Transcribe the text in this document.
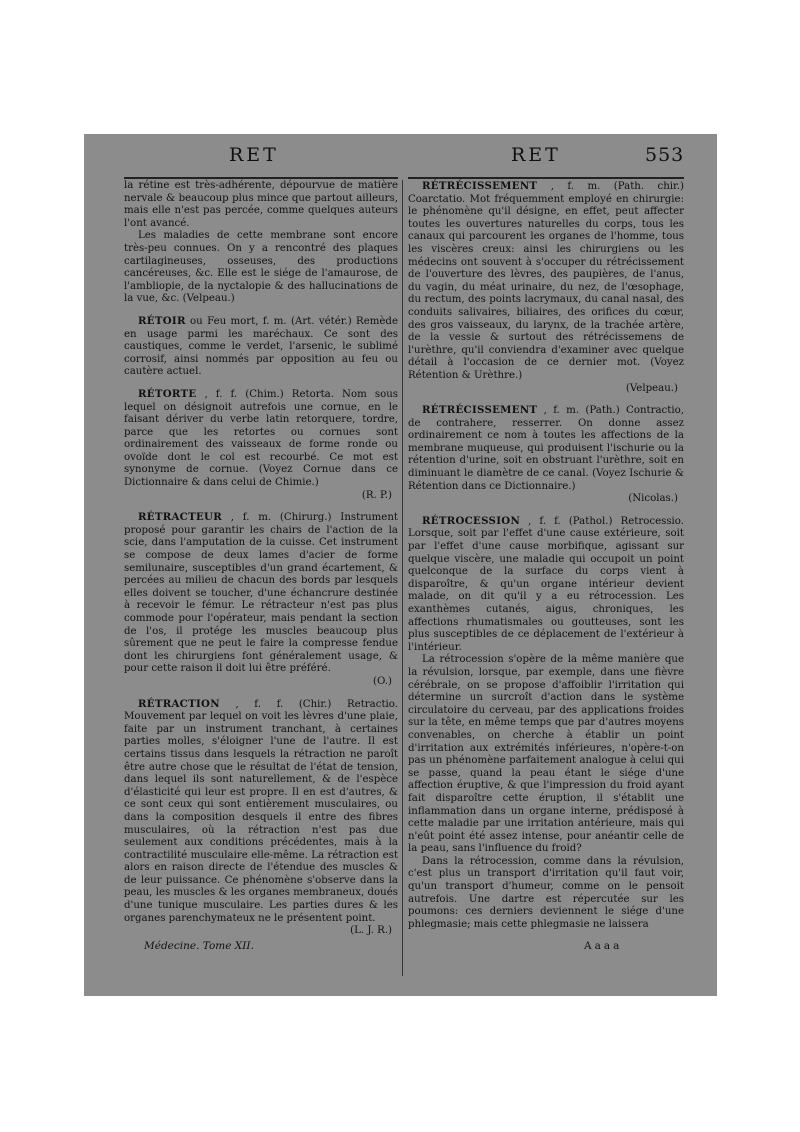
RET	RET	553

la rétine est très-adhérente, dépourvue de matière nervale & beaucoup plus mince que partout ailleurs, mais elle n'est pas percée, comme quelques auteurs l'ont avancé.

Les maladies de cette membrane sont encore très-peu connues. On y a rencontré des plaques cartilagineuses, osseuses, des productions cancéreuses, &c. Elle est le siége de l'amaurose, de l'ambliopie, de la nyctalopie & des hallucinations de la vue, &c. (Velpeau.)

RÉTOIR ou Feu mort, f. m. (Art. vétér.) Remède en usage parmi les maréchaux. Ce sont des caustiques, comme le verdet, l'arsenic, le sublimé corrosif, ainsi nommés par opposition au feu ou cautère actuel.

RÉTORTE , f. f. (Chim.) Retorta. Nom sous lequel on désignoit autrefois une cornue, en le faisant dériver du verbe latin retorquere, tordre, parce que les retortes ou cornues sont ordinairement des vaisseaux de forme ronde ou ovoïde dont le col est recourbé. Ce mot est synonyme de cornue. (Voyez Cornue dans ce Dictionnaire & dans celui de Chimie.)

(R. P.)

RÉTRACTEUR , f. m. (Chirurg.) Instrument proposé pour garantir les chairs de l'action de la scie, dans l'amputation de la cuisse. Cet instrument se compose de deux lames d'acier de forme semilunaire, susceptibles d'un grand écartement, & percées au milieu de chacun des bords par lesquels elles doivent se toucher, d'une échancrure destinée à recevoir le fémur. Le rétracteur n'est pas plus commode pour l'opérateur, mais pendant la section de l'os, il protége les muscles beaucoup plus sûrement que ne peut le faire la compresse fendue dont les chirurgiens font généralement usage, & pour cette raison il doit lui être préféré.

(O.)

RÉTRACTION , f. f. (Chir.) Retractio. Mouvement par lequel on voit les lèvres d'une plaie, faite par un instrument tranchant, à certaines parties molles, s'éloigner l'une de l'autre. Il est certains tissus dans lesquels la rétraction ne paroît être autre chose que le résultat de l'état de tension, dans lequel ils sont naturellement, & de l'espèce d'élasticité qui leur est propre. Il en est d'autres, & ce sont ceux qui sont entièrement musculaires, ou dans la composition desquels il entre des fibres musculaires, où la rétraction n'est pas due seulement aux conditions précédentes, mais à la contractilité musculaire elle-même. La rétraction est alors en raison directe de l'étendue des muscles & de leur puissance. Ce phénomène s'observe dans la peau, les muscles & les organes membraneux, doués d'une tunique musculaire. Les parties dures & les organes parenchymateux ne le présentent point.

(L. J. R.)

RÉTRÉCISSEMENT , f. m. (Path. chir.) Coarctatio. Mot fréquemment employé en chirurgie: le phénomène qu'il désigne, en effet, peut affecter toutes les ouvertures naturelles du corps, tous les canaux qui parcourent les organes de l'homme, tous les viscères creux: ainsi les chirurgiens ou les médecins ont souvent à s'occuper du rétrécissement de l'ouverture des lèvres, des paupières, de l'anus, du vagin, du méat urinaire, du nez, de l'œsophage, du rectum, des points lacrymaux, du canal nasal, des conduits salivaires, biliaires, des orifices du cœur, des gros vaisseaux, du larynx, de la trachée artère, de la vessie & surtout des rétrécissemens de l'urèthre, qu'il conviendra d'examiner avec quelque détail à l'occasion de ce dernier mot. (Voyez Rétention & Urèthre.)

(Velpeau.)

RÉTRÉCISSEMENT , f. m. (Path.) Contractio, de contrahere, resserrer. On donne assez ordinairement ce nom à toutes les affections de la membrane muqueuse, qui produisent l'ischurie ou la rétention d'urine, soit en obstruant l'urèthre, soit en diminuant le diamètre de ce canal. (Voyez Ischurie & Rétention dans ce Dictionnaire.)

(Nicolas.)

RÉTROCESSION , f. f. (Pathol.) Retrocessio. Lorsque, soit par l'effet d'une cause extérieure, soit par l'effet d'une cause morbifique, agissant sur quelque viscère, une maladie qui occupoit un point quelconque de la surface du corps vient à disparoître, & qu'un organe intérieur devient malade, on dit qu'il y a eu rétrocession. Les exanthèmes cutanés, aigus, chroniques, les affections rhumatismales ou goutteuses, sont les plus susceptibles de ce déplacement de l'extérieur à l'intérieur.

La rétrocession s'opère de la même manière que la révulsion, lorsque, par exemple, dans une fièvre cérébrale, on se propose d'affoiblir l'irritation qui détermine un surcroît d'action dans le système circulatoire du cerveau, par des applications froides sur la tête, en même temps que par d'autres moyens convenables, on cherche à établir un point d'irritation aux extrémités inférieures, n'opère-t-on pas un phénomène parfaitement analogue à celui qui se passe, quand la peau étant le siége d'une affection éruptive, & que l'impression du froid ayant fait disparoître cette éruption, il s'établit une inflammation dans un organe interne, prédisposé à cette maladie par une irritation antérieure, mais qui n'eût point été assez intense, pour anéantir celle de la peau, sans l'influence du froid?

Dans la rétrocession, comme dans la révulsion, c'est plus un transport d'irritation qu'il faut voir, qu'un transport d'humeur, comme on le pensoit autrefois. Une dartre est répercutée sur les poumons: ces derniers deviennent le siége d'une phlegmasie; mais cette phlegmasie ne laissera

Médecine. Tome XII.	Aaaa
